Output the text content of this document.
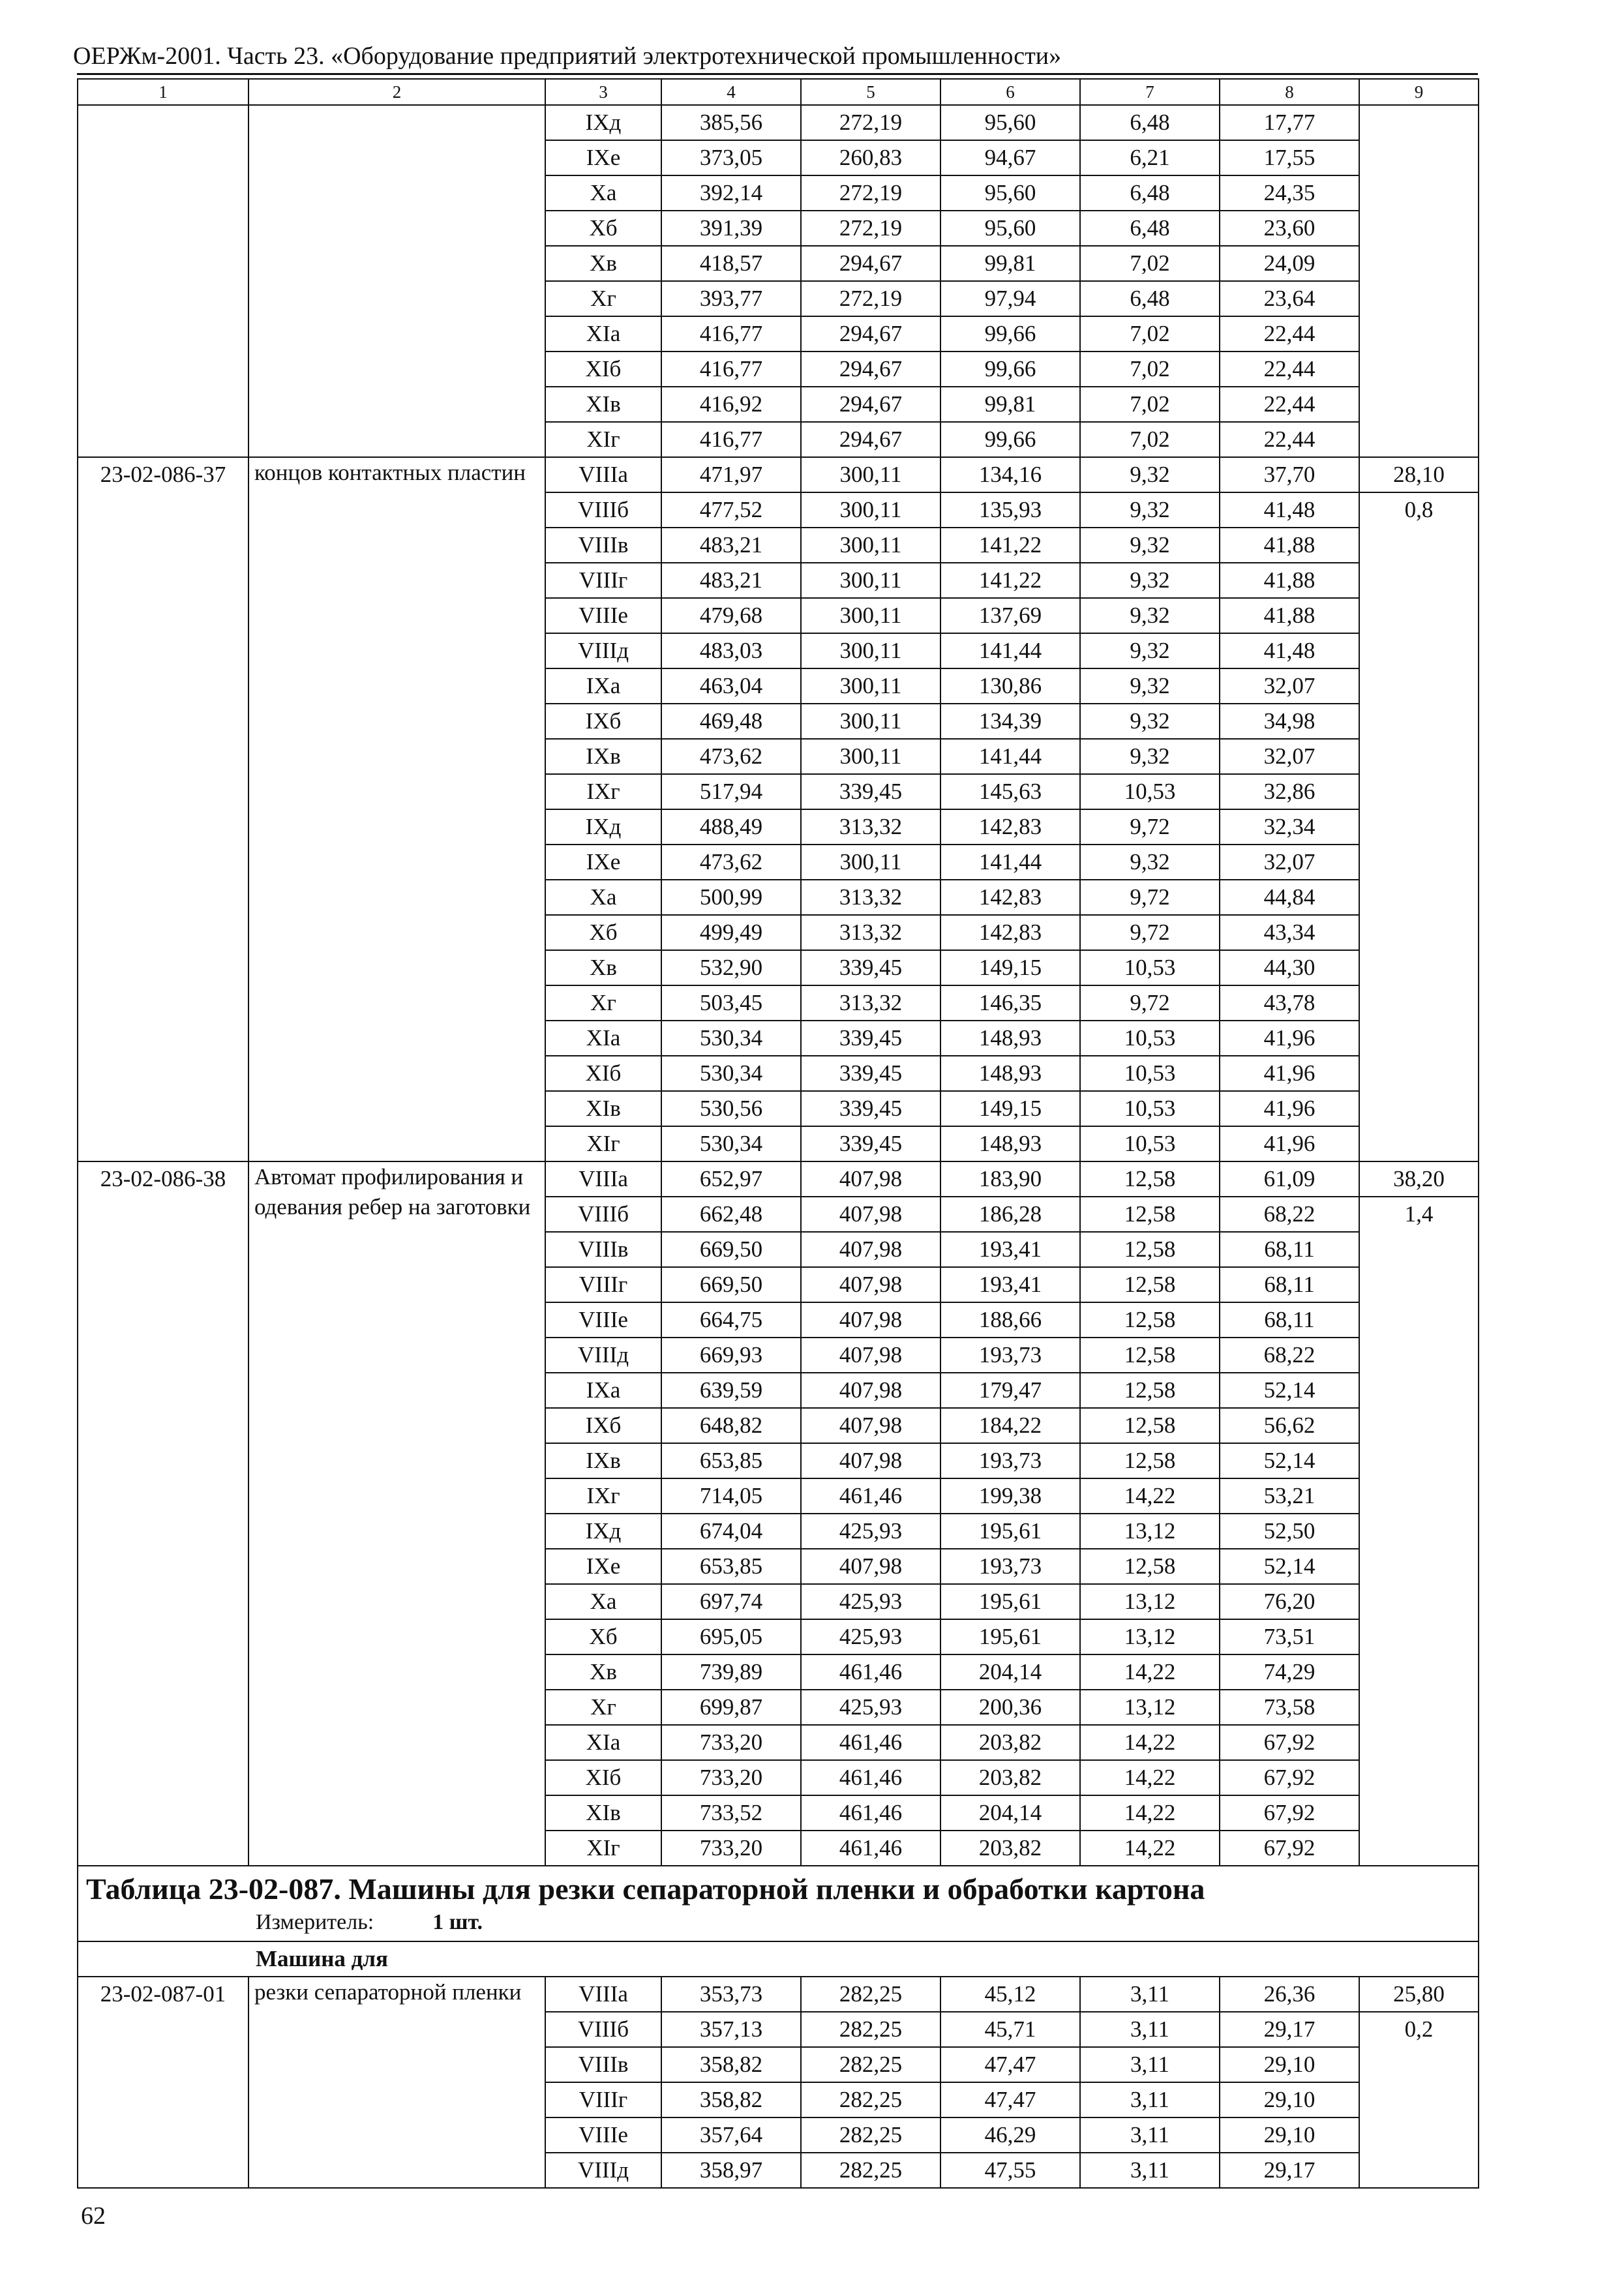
ОЕРЖм-2001. Часть 23. «Оборудование предприятий электротехнической промышленности»
1	2	3	4	5	6	7	8	9
		IXд	385,56	272,19	95,60	6,48	17,77	
		IXе	373,05	260,83	94,67	6,21	17,55	
		Xа	392,14	272,19	95,60	6,48	24,35	
		Xб	391,39	272,19	95,60	6,48	23,60	
		Xв	418,57	294,67	99,81	7,02	24,09	
		Xг	393,77	272,19	97,94	6,48	23,64	
		XIа	416,77	294,67	99,66	7,02	22,44	
		XIб	416,77	294,67	99,66	7,02	22,44	
		XIв	416,92	294,67	99,81	7,02	22,44	
		XIг	416,77	294,67	99,66	7,02	22,44	
23-02-086-37	концов контактных пластин	VIIIа	471,97	300,11	134,16	9,32	37,70	28,10
		VIIIб	477,52	300,11	135,93	9,32	41,48	0,8
		VIIIв	483,21	300,11	141,22	9,32	41,88	
		VIIIг	483,21	300,11	141,22	9,32	41,88	
		VIIIе	479,68	300,11	137,69	9,32	41,88	
		VIIIд	483,03	300,11	141,44	9,32	41,48	
		IXа	463,04	300,11	130,86	9,32	32,07	
		IXб	469,48	300,11	134,39	9,32	34,98	
		IXв	473,62	300,11	141,44	9,32	32,07	
		IXг	517,94	339,45	145,63	10,53	32,86	
		IXд	488,49	313,32	142,83	9,72	32,34	
		IXе	473,62	300,11	141,44	9,32	32,07	
		Xа	500,99	313,32	142,83	9,72	44,84	
		Xб	499,49	313,32	142,83	9,72	43,34	
		Xв	532,90	339,45	149,15	10,53	44,30	
		Xг	503,45	313,32	146,35	9,72	43,78	
		XIа	530,34	339,45	148,93	10,53	41,96	
		XIб	530,34	339,45	148,93	10,53	41,96	
		XIв	530,56	339,45	149,15	10,53	41,96	
		XIг	530,34	339,45	148,93	10,53	41,96	
23-02-086-38	Автомат профилирования и одевания ребер на заготовки	VIIIа	652,97	407,98	183,90	12,58	61,09	38,20
		VIIIб	662,48	407,98	186,28	12,58	68,22	1,4
		VIIIв	669,50	407,98	193,41	12,58	68,11	
		VIIIг	669,50	407,98	193,41	12,58	68,11	
		VIIIе	664,75	407,98	188,66	12,58	68,11	
		VIIIд	669,93	407,98	193,73	12,58	68,22	
		IXа	639,59	407,98	179,47	12,58	52,14	
		IXб	648,82	407,98	184,22	12,58	56,62	
		IXв	653,85	407,98	193,73	12,58	52,14	
		IXг	714,05	461,46	199,38	14,22	53,21	
		IXд	674,04	425,93	195,61	13,12	52,50	
		IXе	653,85	407,98	193,73	12,58	52,14	
		Xа	697,74	425,93	195,61	13,12	76,20	
		Xб	695,05	425,93	195,61	13,12	73,51	
		Xв	739,89	461,46	204,14	14,22	74,29	
		Xг	699,87	425,93	200,36	13,12	73,58	
		XIа	733,20	461,46	203,82	14,22	67,92	
		XIб	733,20	461,46	203,82	14,22	67,92	
		XIв	733,52	461,46	204,14	14,22	67,92	
		XIг	733,20	461,46	203,82	14,22	67,92	

Таблица 23-02-087. Машины для резки сепараторной пленки и обработки картона
Измеритель: 1 шт.								

Машина для								
23-02-087-01	резки сепараторной пленки	VIIIа	353,73	282,25	45,12	3,11	26,36	25,80
		VIIIб	357,13	282,25	45,71	3,11	29,17	0,2
		VIIIв	358,82	282,25	47,47	3,11	29,10	
		VIIIг	358,82	282,25	47,47	3,11	29,10	
		VIIIе	357,64	282,25	46,29	3,11	29,10	
		VIIIд	358,97	282,25	47,55	3,11	29,17	
62
